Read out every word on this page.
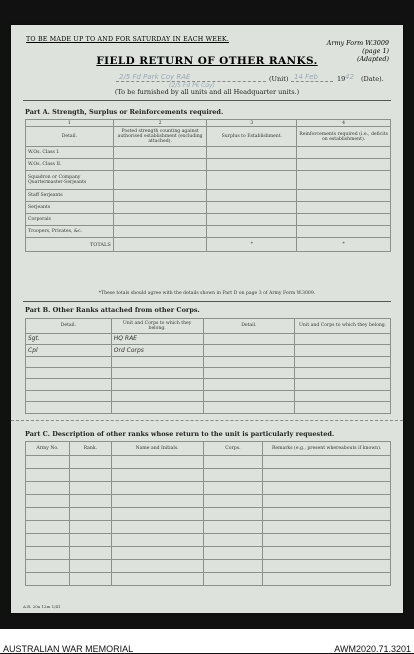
TO BE MADE UP TO AND FOR SATURDAY IN EACH WEEK.	Army Form W.3009
(page 1)
(Adapted)
FIELD RETURN OF OTHER RANKS.
2/5 Fd Park Coy RAE
(2/5 Fd Pk Coy)
(Unit) 14 Feb	19 42 (Date).
(To be furnished by all units and all Headquarter units.)
Part A. Strength, Surplus or Reinforcements required.
1	2	3	4
Detail.	Posted strength counting against authorised establishment (excluding attached).	Surplus to Establishment.	Reinforcements required (i.e., deficits on establishment).
W.Os. Class I.			
W.Os. Class II.			
Squadron or Company Quartermaster-Serjeants			
Staff Serjeants			
Serjeants			
Corporals			
Troopers, Privates, &c.			
TOTALS		*	*
*These totals should agree with the details shown in Part D on page 3 of Army Form W.3009.
Part B. Other Ranks attached from other Corps.
Detail.	Unit and Corps to which they belong.	Detail.	Unit and Corps to which they belong.
Sgt.	HQ RAE		
Cpl	Ord Corps		

Part C. Description of other ranks whose return to the unit is particularly requested.
Army No.	Rank.	Name and Initials.	Corps.	Remarks (e.g., present whereabouts if known).

A.R. 20a 12m 1/41
AUSTRALIAN WAR MEMORIAL	AWM2020.71.3201
